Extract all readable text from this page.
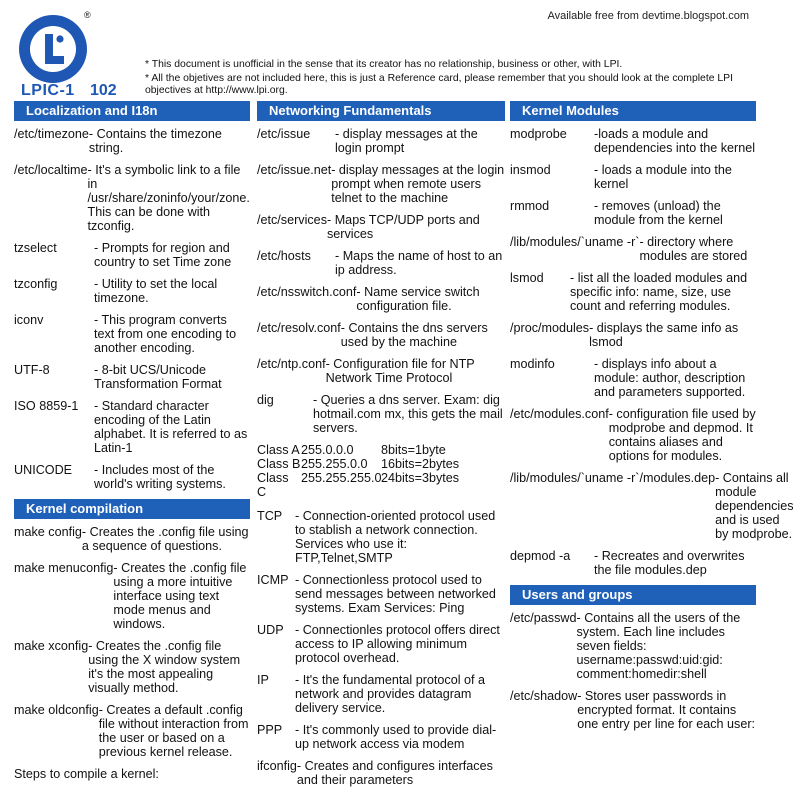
Available free from devtime.blogspot.com
®
LPIC-1 102
* This document is unofficial in the sense that its creator has no relationship, business or other, with LPI.
* All the objetives are not included here, this is just a Reference card, please remember that you should look at the complete LPI objectives at http://www.lpi.org.
Localization and I18n
/etc/timezone - Contains the timezone string.
/etc/localtime - It's a symbolic link to a file in /usr/share/zoninfo/your/zone. This can be done with tzconfig.
tzselect	- Prompts for region and country to set Time zone
tzconfig	- Utility to set the local timezone.
iconv	- This program converts text from one encoding to another encoding.
UTF-8	- 8-bit UCS/Unicode Transformation Format
ISO 8859-1	- Standard character encoding of the Latin alphabet. It is referred to as Latin-1
UNICODE	- Includes most of the world's writing systems.
Kernel compilation
make config - Creates the .config file using a sequence of questions.
make menuconfig - Creates the .config file using a more intuitive interface using text mode menus and windows.
make xconfig - Creates the .config file using the X window system it's the most appealing visually method.
make oldconfig - Creates a default .config file without interaction from the user or based on a previous kernel release.
Steps to compile a kernel:
Networking Fundamentals
/etc/issue	- display messages at the login prompt
/etc/issue.net - display messages at the login prompt when remote users telnet to the machine
/etc/services - Maps TCP/UDP ports and services
/etc/hosts	- Maps the name of host to an ip address.
/etc/nsswitch.conf - Name service switch configuration file.
/etc/resolv.conf - Contains the dns servers used by the machine
/etc/ntp.conf - Configuration file for NTP Network Time Protocol
dig	- Queries a dns server. Exam: dig hotmail.com mx, this gets the mail servers.
Class A 255.0.0.0	8bits=1byte
Class B 255.255.0.0	16bits=2bytes
Class C
255.255.255.0 24bits=3bytes
TCP	- Connection-oriented protocol used to stablish a network connection. Services who use it: FTP,Telnet,SMTP
ICMP - Connectionless protocol used to send messages between networked systems. Exam Services: Ping
UDP - Connectionles protocol offers direct access to IP allowing minimum protocol overhead.
IP	- It's the fundamental protocol of a network and provides datagram delivery service.
PPP	- It's commonly used to provide dial-up network access via modem
ifconfig - Creates and configures interfaces and their parameters
Kernel Modules
modprobe	-loads a module and dependencies into the kernel
insmod	- loads a module into the kernel
rmmod	- removes (unload) the module from the kernel
/lib/modules/`uname -r` - directory where modules are stored
lsmod	- list all the loaded modules and specific info: name, size, use count and referring modules.
/proc/modules - displays the same info as lsmod
modinfo	- displays info about a module: author, description and parameters supported.
/etc/modules.conf - configuration file used by modprobe and depmod. It contains aliases and options for modules.
/lib/modules/`uname -r`/modules.dep - Contains all module dependencies and is used by modprobe.
depmod -a	- Recreates and overwrites the file modules.dep
Users and groups
/etc/passwd - Contains all the users of the system. Each line includes seven fields: username:passwd:uid:gid: comment:homedir:shell
/etc/shadow - Stores user passwords in encrypted format. It contains one entry per line for each user:
